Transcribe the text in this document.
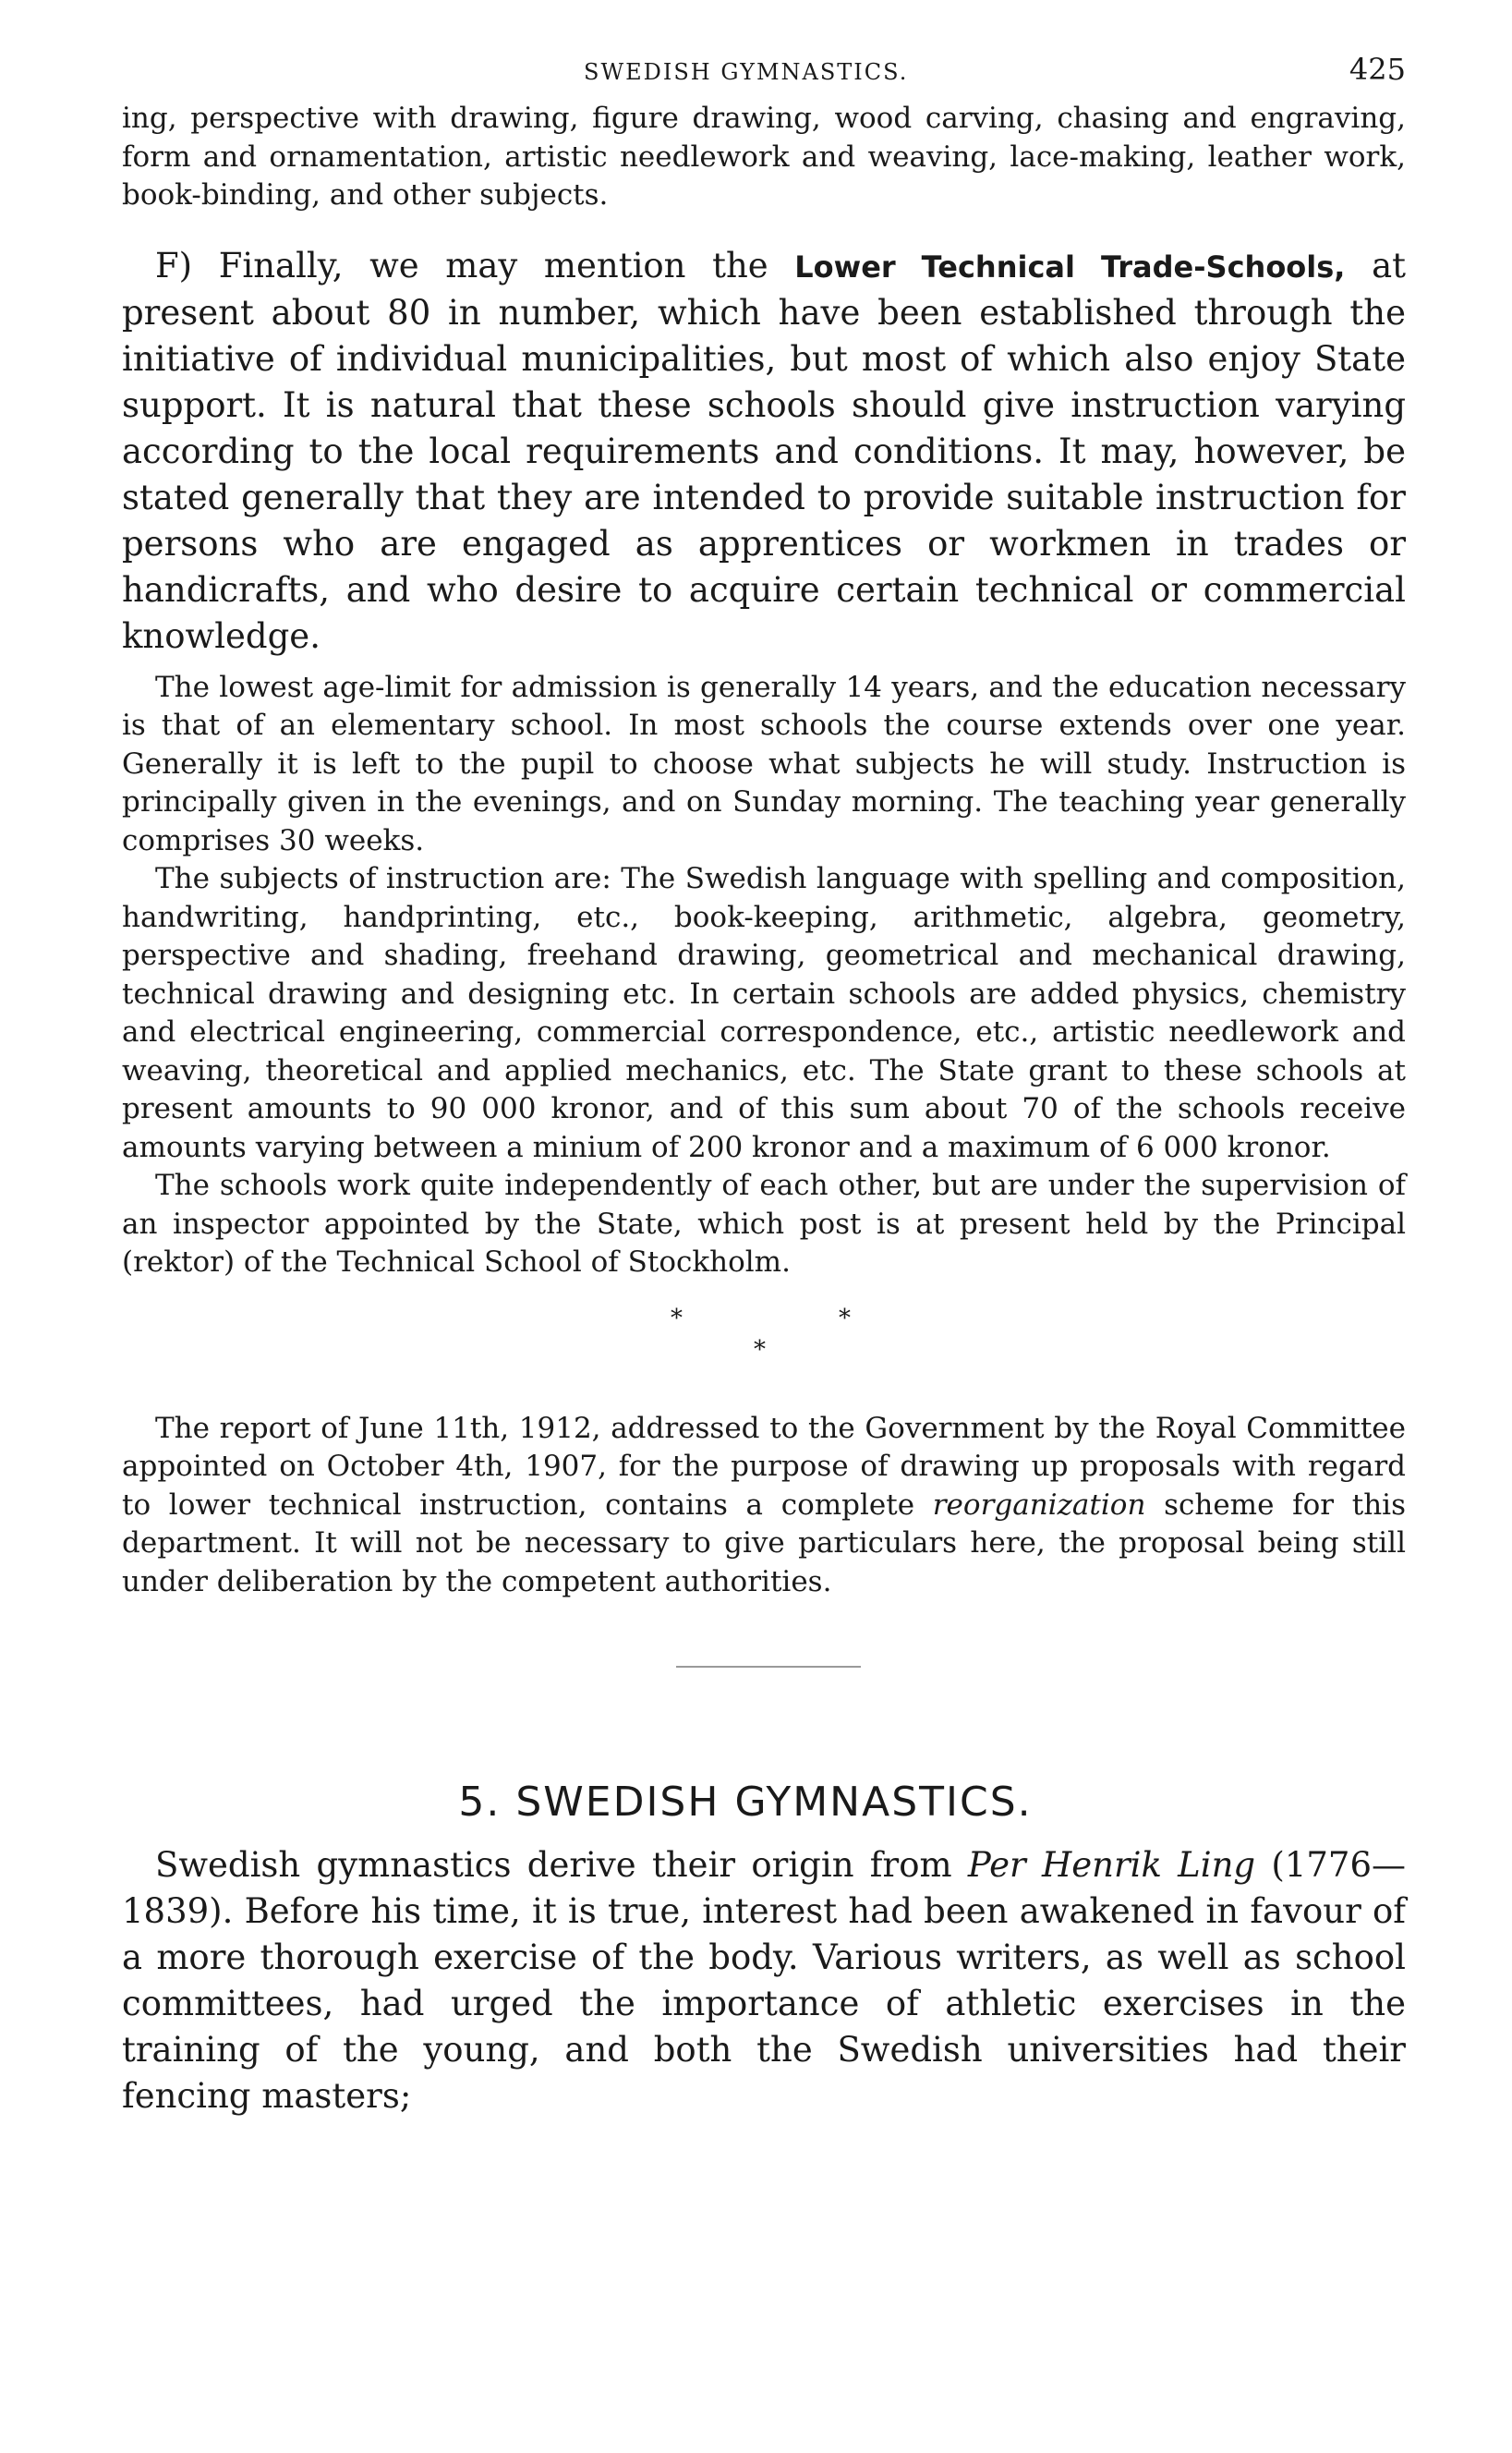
SWEDISH GYMNASTICS.	425

ing, perspective with drawing, figure drawing, wood carving, chasing and engraving, form and ornamentation, artistic needlework and weaving, lace-making, leather work, book-binding, and other subjects.

F) Finally, we may mention the Lower Technical Trade-Schools, at present about 80 in number, which have been established through the initiative of individual municipalities, but most of which also enjoy State support. It is natural that these schools should give instruction varying according to the local requirements and conditions. It may, however, be stated generally that they are intended to provide suitable instruction for persons who are engaged as apprentices or workmen in trades or handicrafts, and who desire to acquire certain technical or commercial knowledge.

The lowest age-limit for admission is generally 14 years, and the education necessary is that of an elementary school. In most schools the course extends over one year. Generally it is left to the pupil to choose what subjects he will study. Instruction is principally given in the evenings, and on Sunday morning. The teaching year generally comprises 30 weeks.

The subjects of instruction are: The Swedish language with spelling and composition, handwriting, handprinting, etc., book-keeping, arithmetic, algebra, geometry, perspective and shading, freehand drawing, geometrical and mechanical drawing, technical drawing and designing etc. In certain schools are added physics, chemistry and electrical engineering, commercial correspondence, etc., artistic needlework and weaving, theoretical and applied mechanics, etc. The State grant to these schools at present amounts to 90 000 kronor, and of this sum about 70 of the schools receive amounts varying between a minium of 200 kronor and a maximum of 6 000 kronor.

The schools work quite independently of each other, but are under the supervision of an inspector appointed by the State, which post is at present held by the Principal (rektor) of the Technical School of Stockholm.

*	*
*

The report of June 11th, 1912, addressed to the Government by the Royal Committee appointed on October 4th, 1907, for the purpose of drawing up proposals with regard to lower technical instruction, contains a complete reorganization scheme for this department. It will not be necessary to give particulars here, the proposal being still under deliberation by the competent authorities.

5. SWEDISH GYMNASTICS.

Swedish gymnastics derive their origin from Per Henrik Ling (1776—1839). Before his time, it is true, interest had been awakened in favour of a more thorough exercise of the body. Various writers, as well as school committees, had urged the importance of athletic exercises in the training of the young, and both the Swedish universities had their fencing masters;
